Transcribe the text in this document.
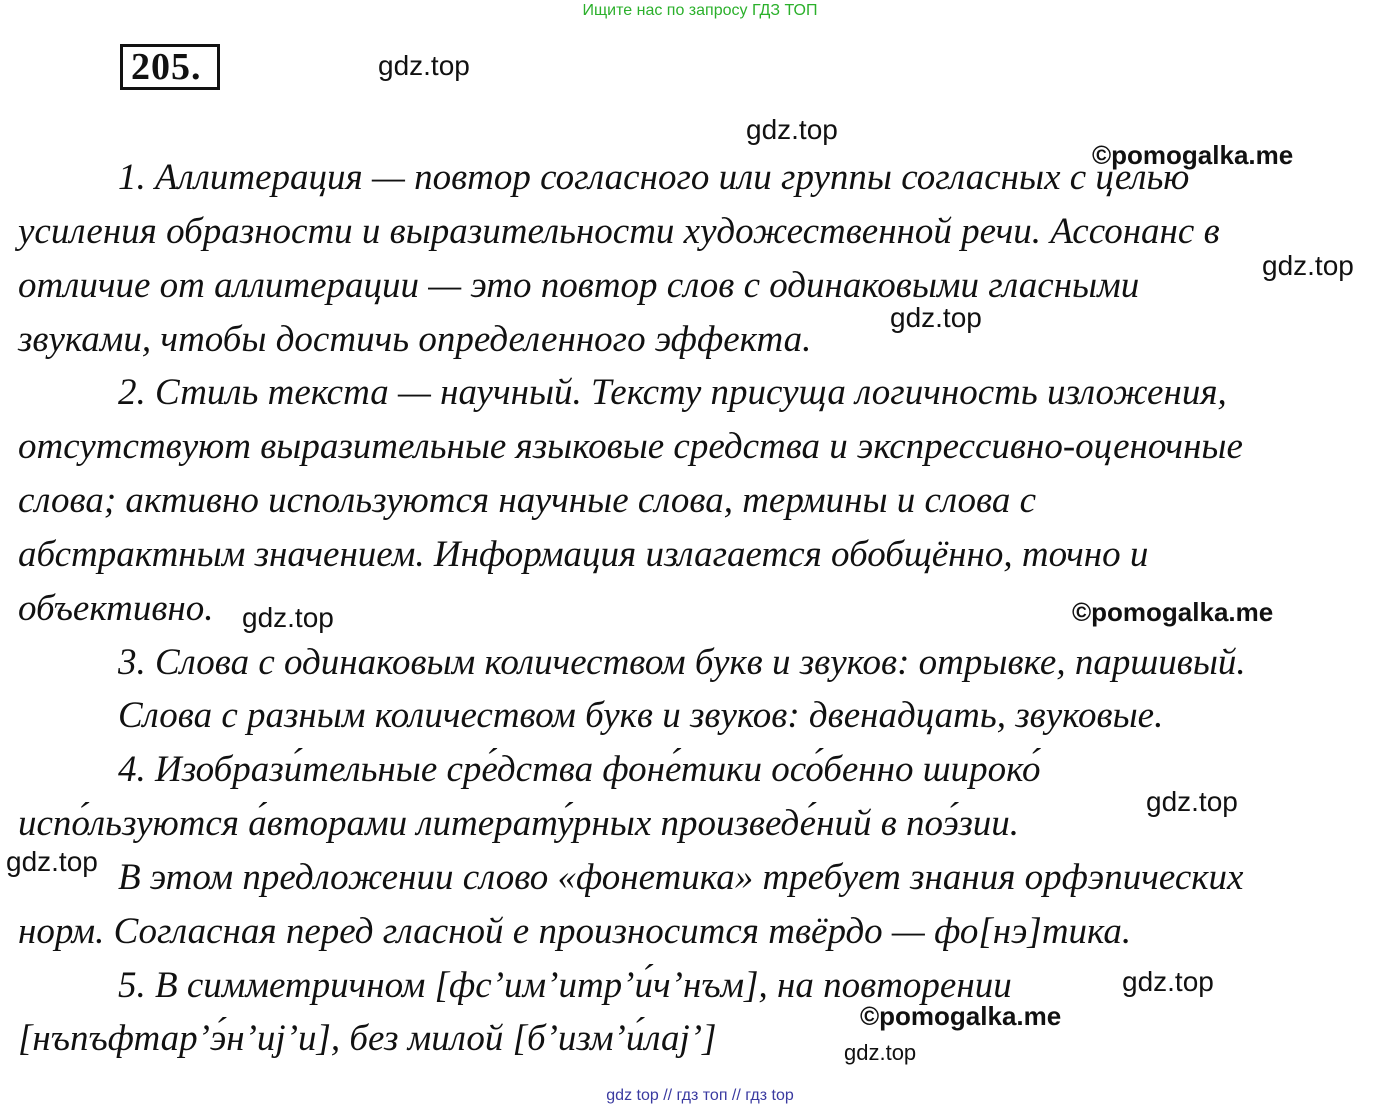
Ищите нас по запросу ГДЗ ТОП
205.
1. Аллитерация — повтор согласного или группы согласных с целью
усиления образности и выразительности художественной речи. Ассонанс в
отличие от аллитерации — это повтор слов с одинаковыми гласными
звуками, чтобы достичь определенного эффекта.
2. Стиль текста — научный. Тексту присуща логичность изложения,
отсутствуют выразительные языковые средства и экспрессивно-оценочные
слова; активно используются научные слова, термины и слова с
абстрактным значением. Информация излагается обобщённо, точно и
объективно.
3. Слова с одинаковым количеством букв и звуков: отрывке, паршивый.
Слова с разным количеством букв и звуков: двенадцать, звуковые.
4. Изобрази́тельные сре́дства фоне́тики осо́бенно широко́
испо́льзуются а́вторами литерату́рных произведе́ний в поэ́зии.
В этом предложении слово «фонетика» требует знания орфэпических
норм. Согласная перед гласной е произносится твёрдо — фо[нэ]тика.
5. В симметричном [фс’им’итр’и́ч’нъм], на повторении
[нъпъфтар’э́н’иj’и], без милой [б’изм’и́лаj’]
gdz.top
gdz.top
gdz.top
gdz.top
gdz.top
gdz.top
gdz.top
gdz.top
gdz.top
©pomogalka.me
©pomogalka.me
©pomogalka.me
gdz top // гдз топ // гдз top
